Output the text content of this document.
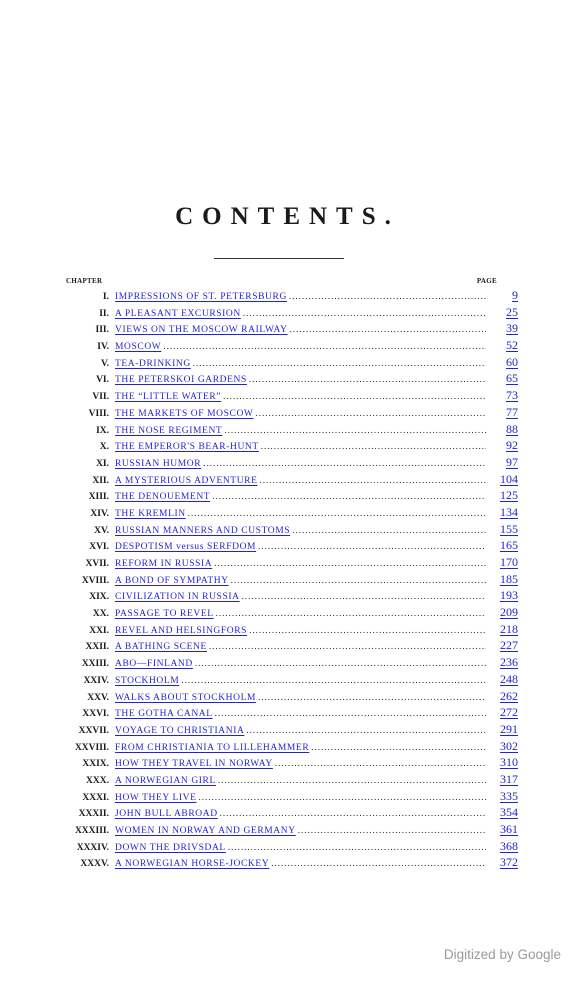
CONTENTS.
CHAPTER	PAGE
I. IMPRESSIONS OF ST. PETERSBURG .....	9
II. A PLEASANT EXCURSION .....	25
III. VIEWS ON THE MOSCOW RAILWAY .....	39
IV. MOSCOW .....	52
V. TEA-DRINKING .....	60
VI. THE PETERSKOI GARDENS .....	65
VII. THE “LITTLE WATER” .....	73
VIII. THE MARKETS OF MOSCOW .....	77
IX. THE NOSE REGIMENT .....	88
X. THE EMPEROR'S BEAR-HUNT .....	92
XI. RUSSIAN HUMOR .....	97
XII. A MYSTERIOUS ADVENTURE .....	104
XIII. THE DENOUEMENT .....	125
XIV. THE KREMLIN .....	134
XV. RUSSIAN MANNERS AND CUSTOMS .....	155
XVI. DESPOTISM versus SERFDOM .....	165
XVII. REFORM IN RUSSIA .....	170
XVIII. A BOND OF SYMPATHY .....	185
XIX. CIVILIZATION IN RUSSIA .....	193
XX. PASSAGE TO REVEL .....	209
XXI. REVEL AND HELSINGFORS .....	218
XXII. A BATHING SCENE .....	227
XXIII. ABO—FINLAND .....	236
XXIV. STOCKHOLM .....	248
XXV. WALKS ABOUT STOCKHOLM .....	262
XXVI. THE GOTHA CANAL .....	272
XXVII. VOYAGE TO CHRISTIANIA .....	291
XXVIII. FROM CHRISTIANIA TO LILLEHAMMER .....	302
XXIX. HOW THEY TRAVEL IN NORWAY .....	310
XXX. A NORWEGIAN GIRL .....	317
XXXI. HOW THEY LIVE .....	335
XXXII. JOHN BULL ABROAD .....	354
XXXIII. WOMEN IN NORWAY AND GERMANY .....	361
XXXIV. DOWN THE DRIVSDAL .....	368
XXXV. A NORWEGIAN HORSE-JOCKEY .....	372
Digitized by Google
